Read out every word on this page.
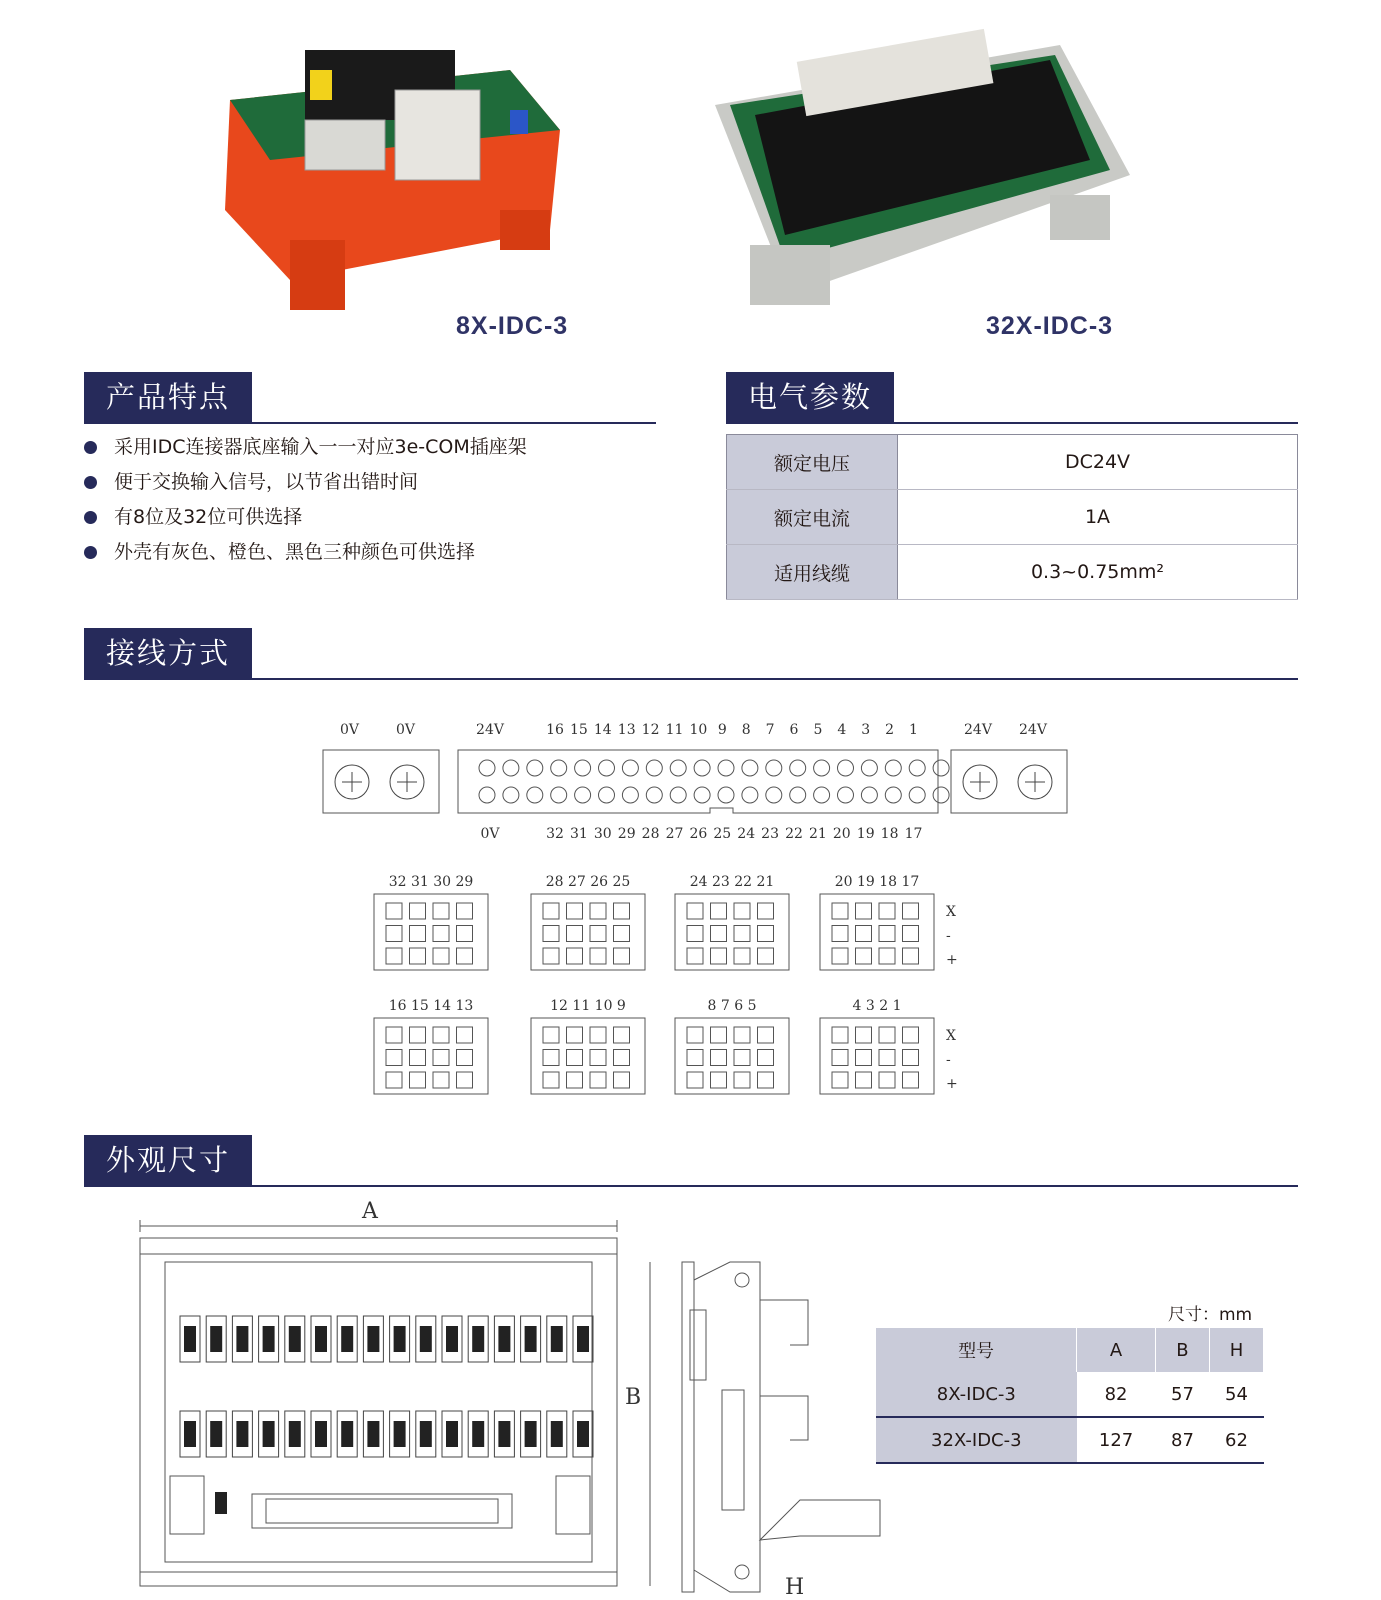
8X-IDC-3	32X-IDC-3
产品特点
采用IDC连接器底座输入一一对应3e-COM插座架
便于交换输入信号，以节省出错时间
有8位及32位可供选择
外壳有灰色、橙色、黑色三种颜色可供选择
电气参数
额定电压	DC24V
额定电流	1A
适用线缆	0.3~0.75mm²
接线方式
0V	0V	24V 24V
24V	16 15 14 13 12 11 10 9 8 7 6 5 4 3 2 1
0V	32 31 30 29 28 27 26 25 24 23 22 21 20 19 18 17
32 31 30 29	28 27 26 25	24 23 22 21	20 19 18 17
X
-
+
16 15 14 13	12 11 10 9	8 7 6 5	4 3 2 1
X
-
+
A
B
H
外观尺寸
尺寸：mm
型号	A	B	H
8X-IDC-3	82	57	54
32X-IDC-3	127	87	62
